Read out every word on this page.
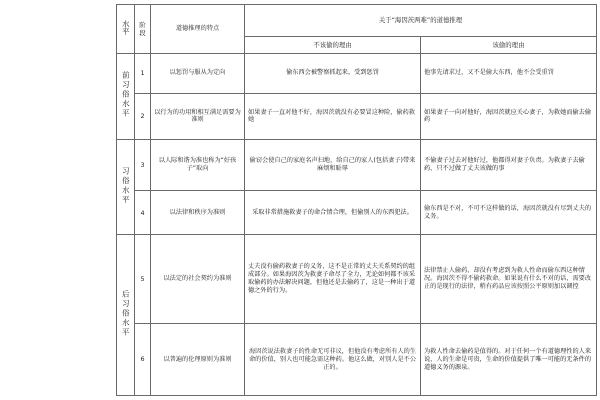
水平	阶段	道德推理的特点	关于“海因茨两难”的道德推理	
			不该偷的理由	该偷的理由
前习俗水平	1	以惩罚与服从为定向	偷东西会被警察抓起来，受到惩罚	他事先请求过，又不是偷大东西，他不会受重罚
	2	以行为的功用和相互满足需要为准则	如果妻子一直对他不好，海因茨就没有必要冒这种险，偷药救她	如果妻子一向对他好，海因茨就应关心妻子，为救她而偷去偷药
习俗水平	3	以人际和谐为准也称为“好孩子”取向	偷窃会使自己的家庭名声扫地，给自己的家人(包括妻子)带来麻烦和耻辱	不偷妻子过去对他好过，他都得对妻子负责。为救妻子去偷药，只不过做了丈夫该做的事
	4	以法律和秩序为准则	采取非常措施救妻子的命合情合理，但偷别人的东西犯法。	偷东西是不对，不可不这样做的话，海因茨就没有尽到丈夫的义务。
后习俗水平	5	以法定的社会契约为准则	丈夫没有偷药救妻子的义务，这不是正常的丈夫关系契约的组成部分。如果海因茨为救妻子命尽了全力，无论如何都不该采取偷药的办法解决问题，但他还是去偷药了，这是一种出于道德之外的行为。	法律禁止人偷药，却没有考虑到为救人性命而偷东西这种情况。海因茨不得不偷药救命。如果说有什么不对的话，需要改正的是现行的法律，稍有药品应该按照公平原则加以调控
	6	以普遍的伦理原则为准则	海因茨说法救妻子的性命无可非议，但他没有考虑所有人的生命的价值，别人也可能急需这种药。他这么做，对别人是不公正的。	为救人性命去偷药是值得的。对于任何一个有道德理性的人来说，人的生命是可贵，生命的价值提供了唯一可能的无条件的道德义务的源泉。
